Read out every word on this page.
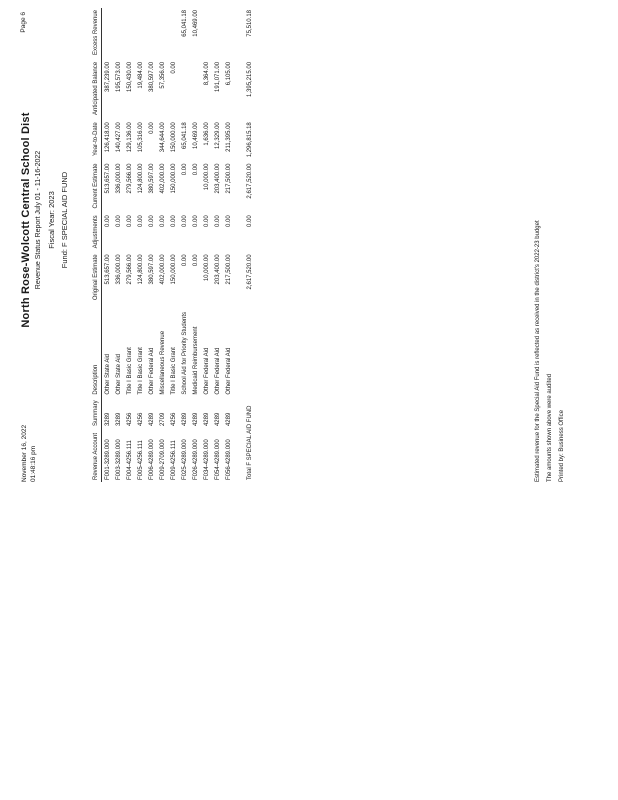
November 16, 2022 01:48:16 pm
Page 6
North Rose-Wolcott Central School Dist Revenue Status Report July 01 - 11-16-2022 Fiscal Year: 2023 Fund: F SPECIAL AID FUND
Revenue Account	Summary	Description	Original Estimate	Adjustments	Current Estimate	Year-to-Date	Anticipated Balance	Excess Revenue
F001-3289.000	3289	Other State Aid	513,657.00	0.00	513,657.00	126,418.00	387,239.00	
F003-3289.000	3289	Other State Aid	336,000.00	0.00	336,000.00	140,427.00	195,573.00	
F004-4256.111	4256	Title I Basic Grant	279,566.00	0.00	279,566.00	129,136.00	150,430.00	
F005-4256.111	4256	Title I Basic Grant	124,800.00	0.00	124,800.00	105,316.00	19,484.00	
F006-4289.000	4289	Other Federal Aid	380,597.00	0.00	380,597.00	0.00	380,597.00	
F009-2709.000	2709	Miscellaneous Revenue	402,000.00	0.00	402,000.00	344,644.00	57,356.00	
F009-4256.111	4256	Title I Basic Grant	150,000.00	0.00	150,000.00	150,000.00	0.00	
F025-4289.000	4289	School Aid for Priority Students	0.00	0.00	0.00	65,041.18		65,041.18
F026-4289.000	4289	Medicaid Reimbursement	0.00	0.00	0.00	10,469.00		10,469.00
F034-4289.000	4289	Other Federal Aid	10,000.00	0.00	10,000.00	1,636.00	8,364.00	
F054-4289.000	4289	Other Federal Aid	203,400.00	0.00	203,400.00	12,329.00	191,071.00	
F056-4289.000	4289	Other Federal Aid	217,500.00	0.00	217,500.00	211,395.00	6,105.00	
Total F SPECIAL AID FUND			2,617,520.00	0.00	2,617,520.00	1,296,815.18	1,395,215.00	75,510.18
Estimated revenue for the Special Aid Fund is reflected as received in the district's 2022-23 budget	The amounts shown above were audited	Printed by: Business Office
